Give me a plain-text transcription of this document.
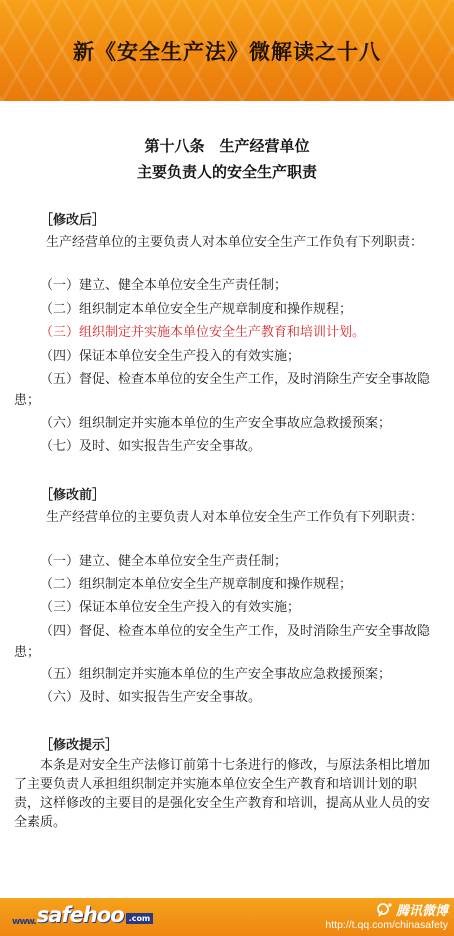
新《安全生产法》微解读之十八
第十八条　生产经营单位
主要负责人的安全生产职责
［修改后］
生产经营单位的主要负责人对本单位安全生产工作负有下列职责：
（一）建立、健全本单位安全生产责任制；
（二）组织制定本单位安全生产规章制度和操作规程；
（三）组织制定并实施本单位安全生产教育和培训计划。
（四）保证本单位安全生产投入的有效实施；
（五）督促、检查本单位的安全生产工作，及时消除生产安全事故隐患；
（六）组织制定并实施本单位的生产安全事故应急救援预案；
（七）及时、如实报告生产安全事故。
［修改前］
生产经营单位的主要负责人对本单位安全生产工作负有下列职责：
（一）建立、健全本单位安全生产责任制；
（二）组织制定本单位安全生产规章制度和操作规程；
（三）保证本单位安全生产投入的有效实施；
（四）督促、检查本单位的安全生产工作，及时消除生产安全事故隐患；
（五）组织制定并实施本单位的生产安全事故应急救援预案；
（六）及时、如实报告生产安全事故。
［修改提示］
本条是对安全生产法修订前第十七条进行的修改，与原法条相比增加了主要负责人承担组织制定并实施本单位安全生产教育和培训计划的职责，这样修改的主要目的是强化安全生产教育和培训，提高从业人员的安全素质。
www. safehoo .com	腾讯微博
http://t.qq.com/chinasafety
